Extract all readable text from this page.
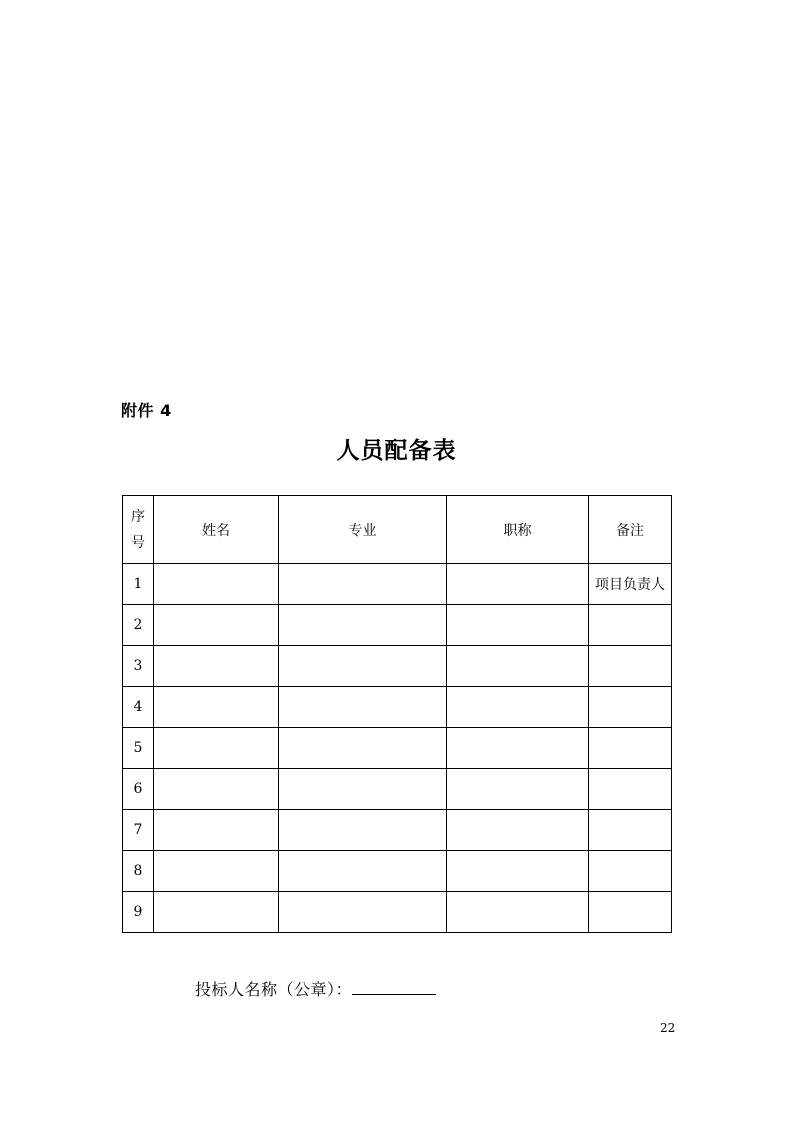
附件 4
人员配备表
序号	姓名	专业	职称	备注
1				项目负责人
2				
3				
4				
5				
6				
7				
8				
9				
投标人名称（公章）：
22
